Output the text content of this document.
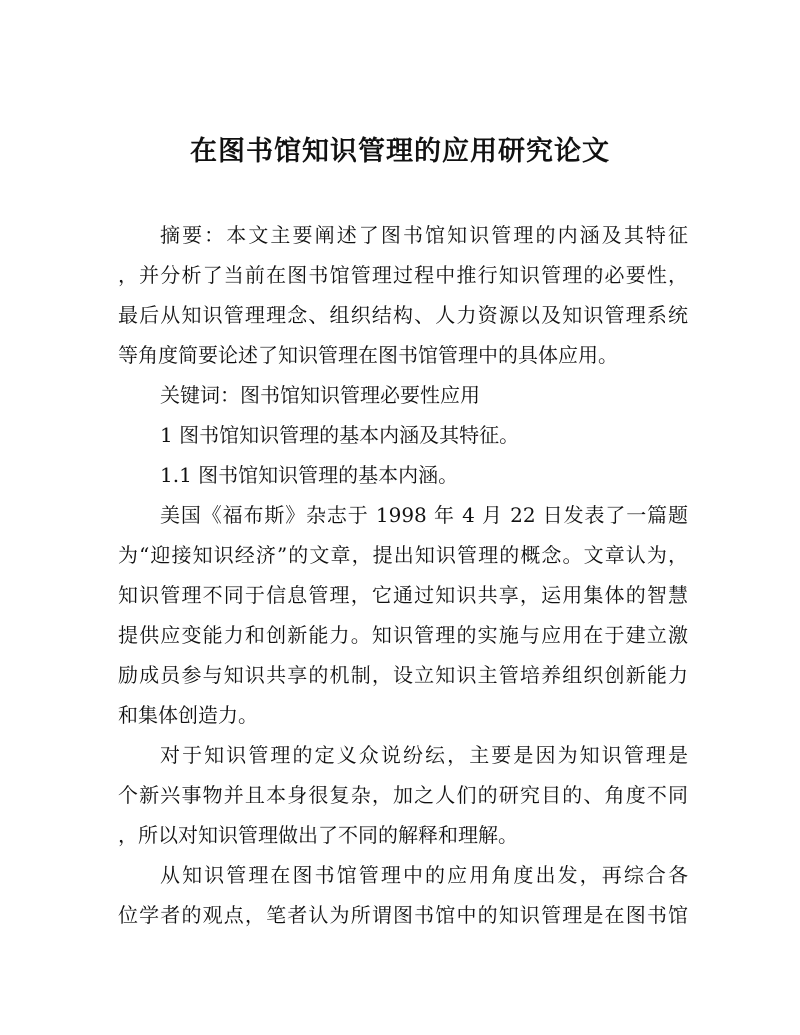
在图书馆知识管理的应用研究论文
摘要：本文主要阐述了图书馆知识管理的内涵及其特征
，并分析了当前在图书馆管理过程中推行知识管理的必要性，
最后从知识管理理念、组织结构、人力资源以及知识管理系统
等角度简要论述了知识管理在图书馆管理中的具体应用。
关键词：图书馆知识管理必要性应用
1 图书馆知识管理的基本内涵及其特征。
1.1 图书馆知识管理的基本内涵。
美国《福布斯》杂志于 1998 年 4 月 22 日发表了一篇题
为“迎接知识经济”的文章，提出知识管理的概念。文章认为，
知识管理不同于信息管理，它通过知识共享，运用集体的智慧
提供应变能力和创新能力。知识管理的实施与应用在于建立激
励成员参与知识共享的机制，设立知识主管培养组织创新能力
和集体创造力。
对于知识管理的定义众说纷纭，主要是因为知识管理是
个新兴事物并且本身很复杂，加之人们的研究目的、角度不同
，所以对知识管理做出了不同的解释和理解。
从知识管理在图书馆管理中的应用角度出发，再综合各
位学者的观点，笔者认为所谓图书馆中的知识管理是在图书馆
